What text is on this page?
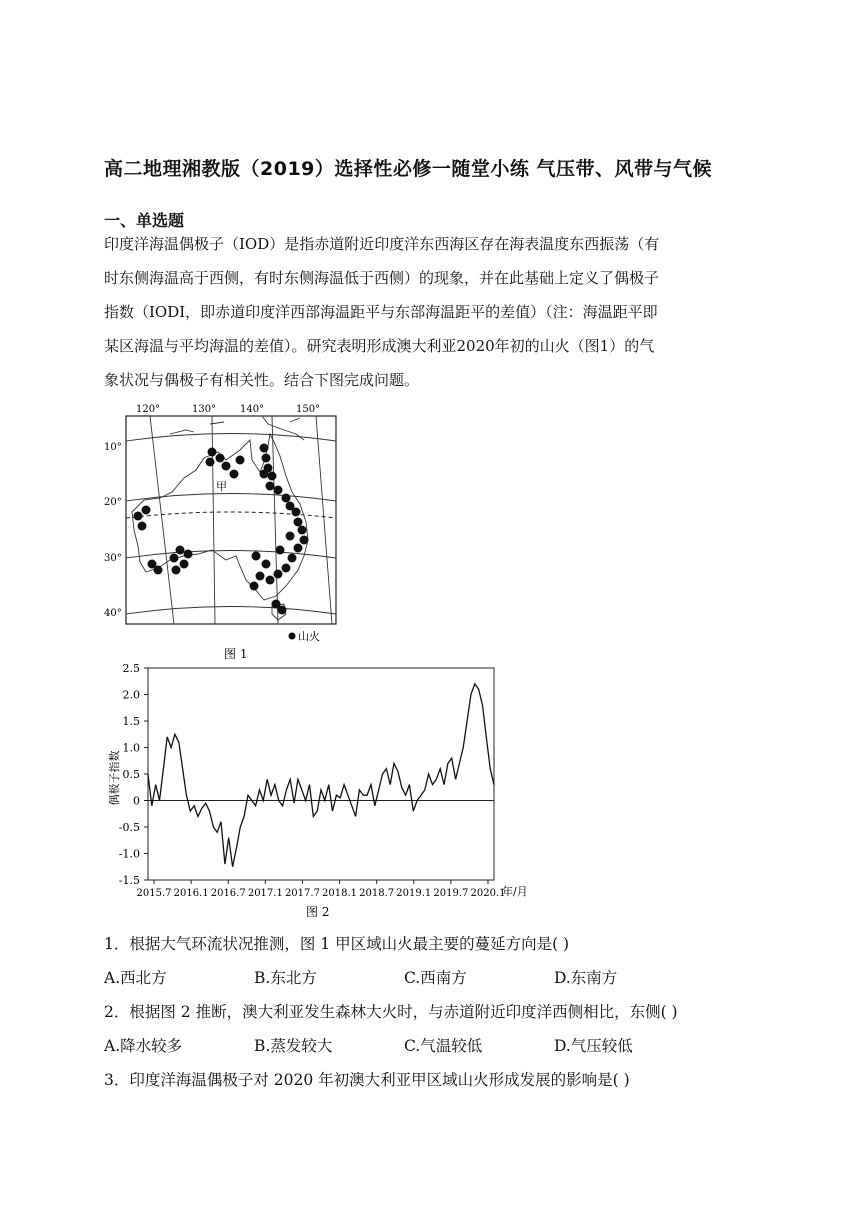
高二地理湘教版（2019）选择性必修一随堂小练 气压带、风带与气候
一、单选题
印度洋海温偶极子（IOD）是指赤道附近印度洋东西海区存在海表温度东西振荡（有
时东侧海温高于西侧，有时东侧海温低于西侧）的现象，并在此基础上定义了偶极子
指数（IODI，即赤道印度洋西部海温距平与东部海温距平的差值）（注：海温距平即
某区海温与平均海温的差值）。研究表明形成澳大利亚2020年初的山火（图1）的气
象状况与偶极子有相关性。结合下图完成问题。
120°	130° 140°	150°
10°
20°
30°
40°
甲
山火
图 1
2.5
2.0
1.5
1.0
0.5
0
-0.5
-1.0
-1.5
2015.7 2016.1 2016.7 2017.1 2017.7 2018.1 2018.7 2019.1 2019.7 2020.1
偶极子指数
年/月
图 2
1．根据大气环流状况推测，图 1 甲区域山火最主要的蔓延方向是( )
A.西北方	B.东北方	C.西南方	D.东南方
2．根据图 2 推断，澳大利亚发生森林大火时，与赤道附近印度洋西侧相比，东侧( )
A.降水较多	B.蒸发较大	C.气温较低	D.气压较低
3．印度洋海温偶极子对 2020 年初澳大利亚甲区域山火形成发展的影响是( )
